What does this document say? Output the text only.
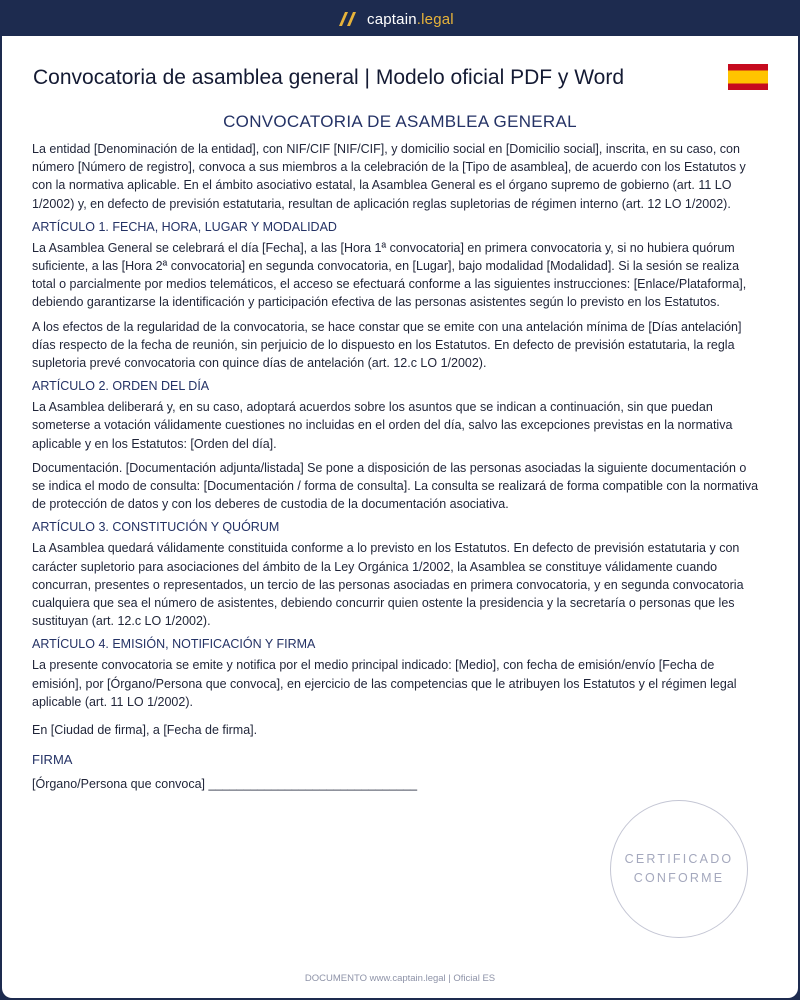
captain.legal
Convocatoria de asamblea general | Modelo oficial PDF y Word
CONVOCATORIA DE ASAMBLEA GENERAL

La entidad [Denominación de la entidad], con NIF/CIF [NIF/CIF], y domicilio social en [Domicilio social], inscrita, en su caso, con número [Número de registro], convoca a sus miembros a la celebración de la [Tipo de asamblea], de acuerdo con los Estatutos y con la normativa aplicable. En el ámbito asociativo estatal, la Asamblea General es el órgano supremo de gobierno (art. 11 LO 1/2002) y, en defecto de previsión estatutaria, resultan de aplicación reglas supletorias de régimen interno (art. 12 LO 1/2002).

ARTÍCULO 1. FECHA, HORA, LUGAR Y MODALIDAD

La Asamblea General se celebrará el día [Fecha], a las [Hora 1ª convocatoria] en primera convocatoria y, si no hubiera quórum suficiente, a las [Hora 2ª convocatoria] en segunda convocatoria, en [Lugar], bajo modalidad [Modalidad]. Si la sesión se realiza total o parcialmente por medios telemáticos, el acceso se efectuará conforme a las siguientes instrucciones: [Enlace/Plataforma], debiendo garantizarse la identificación y participación efectiva de las personas asistentes según lo previsto en los Estatutos.

A los efectos de la regularidad de la convocatoria, se hace constar que se emite con una antelación mínima de [Días antelación] días respecto de la fecha de reunión, sin perjuicio de lo dispuesto en los Estatutos. En defecto de previsión estatutaria, la regla supletoria prevé convocatoria con quince días de antelación (art. 12.c LO 1/2002).

ARTÍCULO 2. ORDEN DEL DÍA

La Asamblea deliberará y, en su caso, adoptará acuerdos sobre los asuntos que se indican a continuación, sin que puedan someterse a votación válidamente cuestiones no incluidas en el orden del día, salvo las excepciones previstas en la normativa aplicable y en los Estatutos: [Orden del día].

Documentación. [Documentación adjunta/listada] Se pone a disposición de las personas asociadas la siguiente documentación o se indica el modo de consulta: [Documentación / forma de consulta]. La consulta se realizará de forma compatible con la normativa de protección de datos y con los deberes de custodia de la documentación asociativa.

ARTÍCULO 3. CONSTITUCIÓN Y QUÓRUM

La Asamblea quedará válidamente constituida conforme a lo previsto en los Estatutos. En defecto de previsión estatutaria y con carácter supletorio para asociaciones del ámbito de la Ley Orgánica 1/2002, la Asamblea se constituye válidamente cuando concurran, presentes o representados, un tercio de las personas asociadas en primera convocatoria, y en segunda convocatoria cualquiera que sea el número de asistentes, debiendo concurrir quien ostente la presidencia y la secretaría o personas que les sustituyan (art. 12.c LO 1/2002).

ARTÍCULO 4. EMISIÓN, NOTIFICACIÓN Y FIRMA

La presente convocatoria se emite y notifica por el medio principal indicado: [Medio], con fecha de emisión/envío [Fecha de emisión], por [Órgano/Persona que convoca], en ejercicio de las competencias que le atribuyen los Estatutos y el régimen legal aplicable (art. 11 LO 1/2002).

En [Ciudad de firma], a [Fecha de firma].

FIRMA

[Órgano/Persona que convoca] ______________________________

CERTIFICADO
CONFORME
DOCUMENTO www.captain.legal | Oficial ES
